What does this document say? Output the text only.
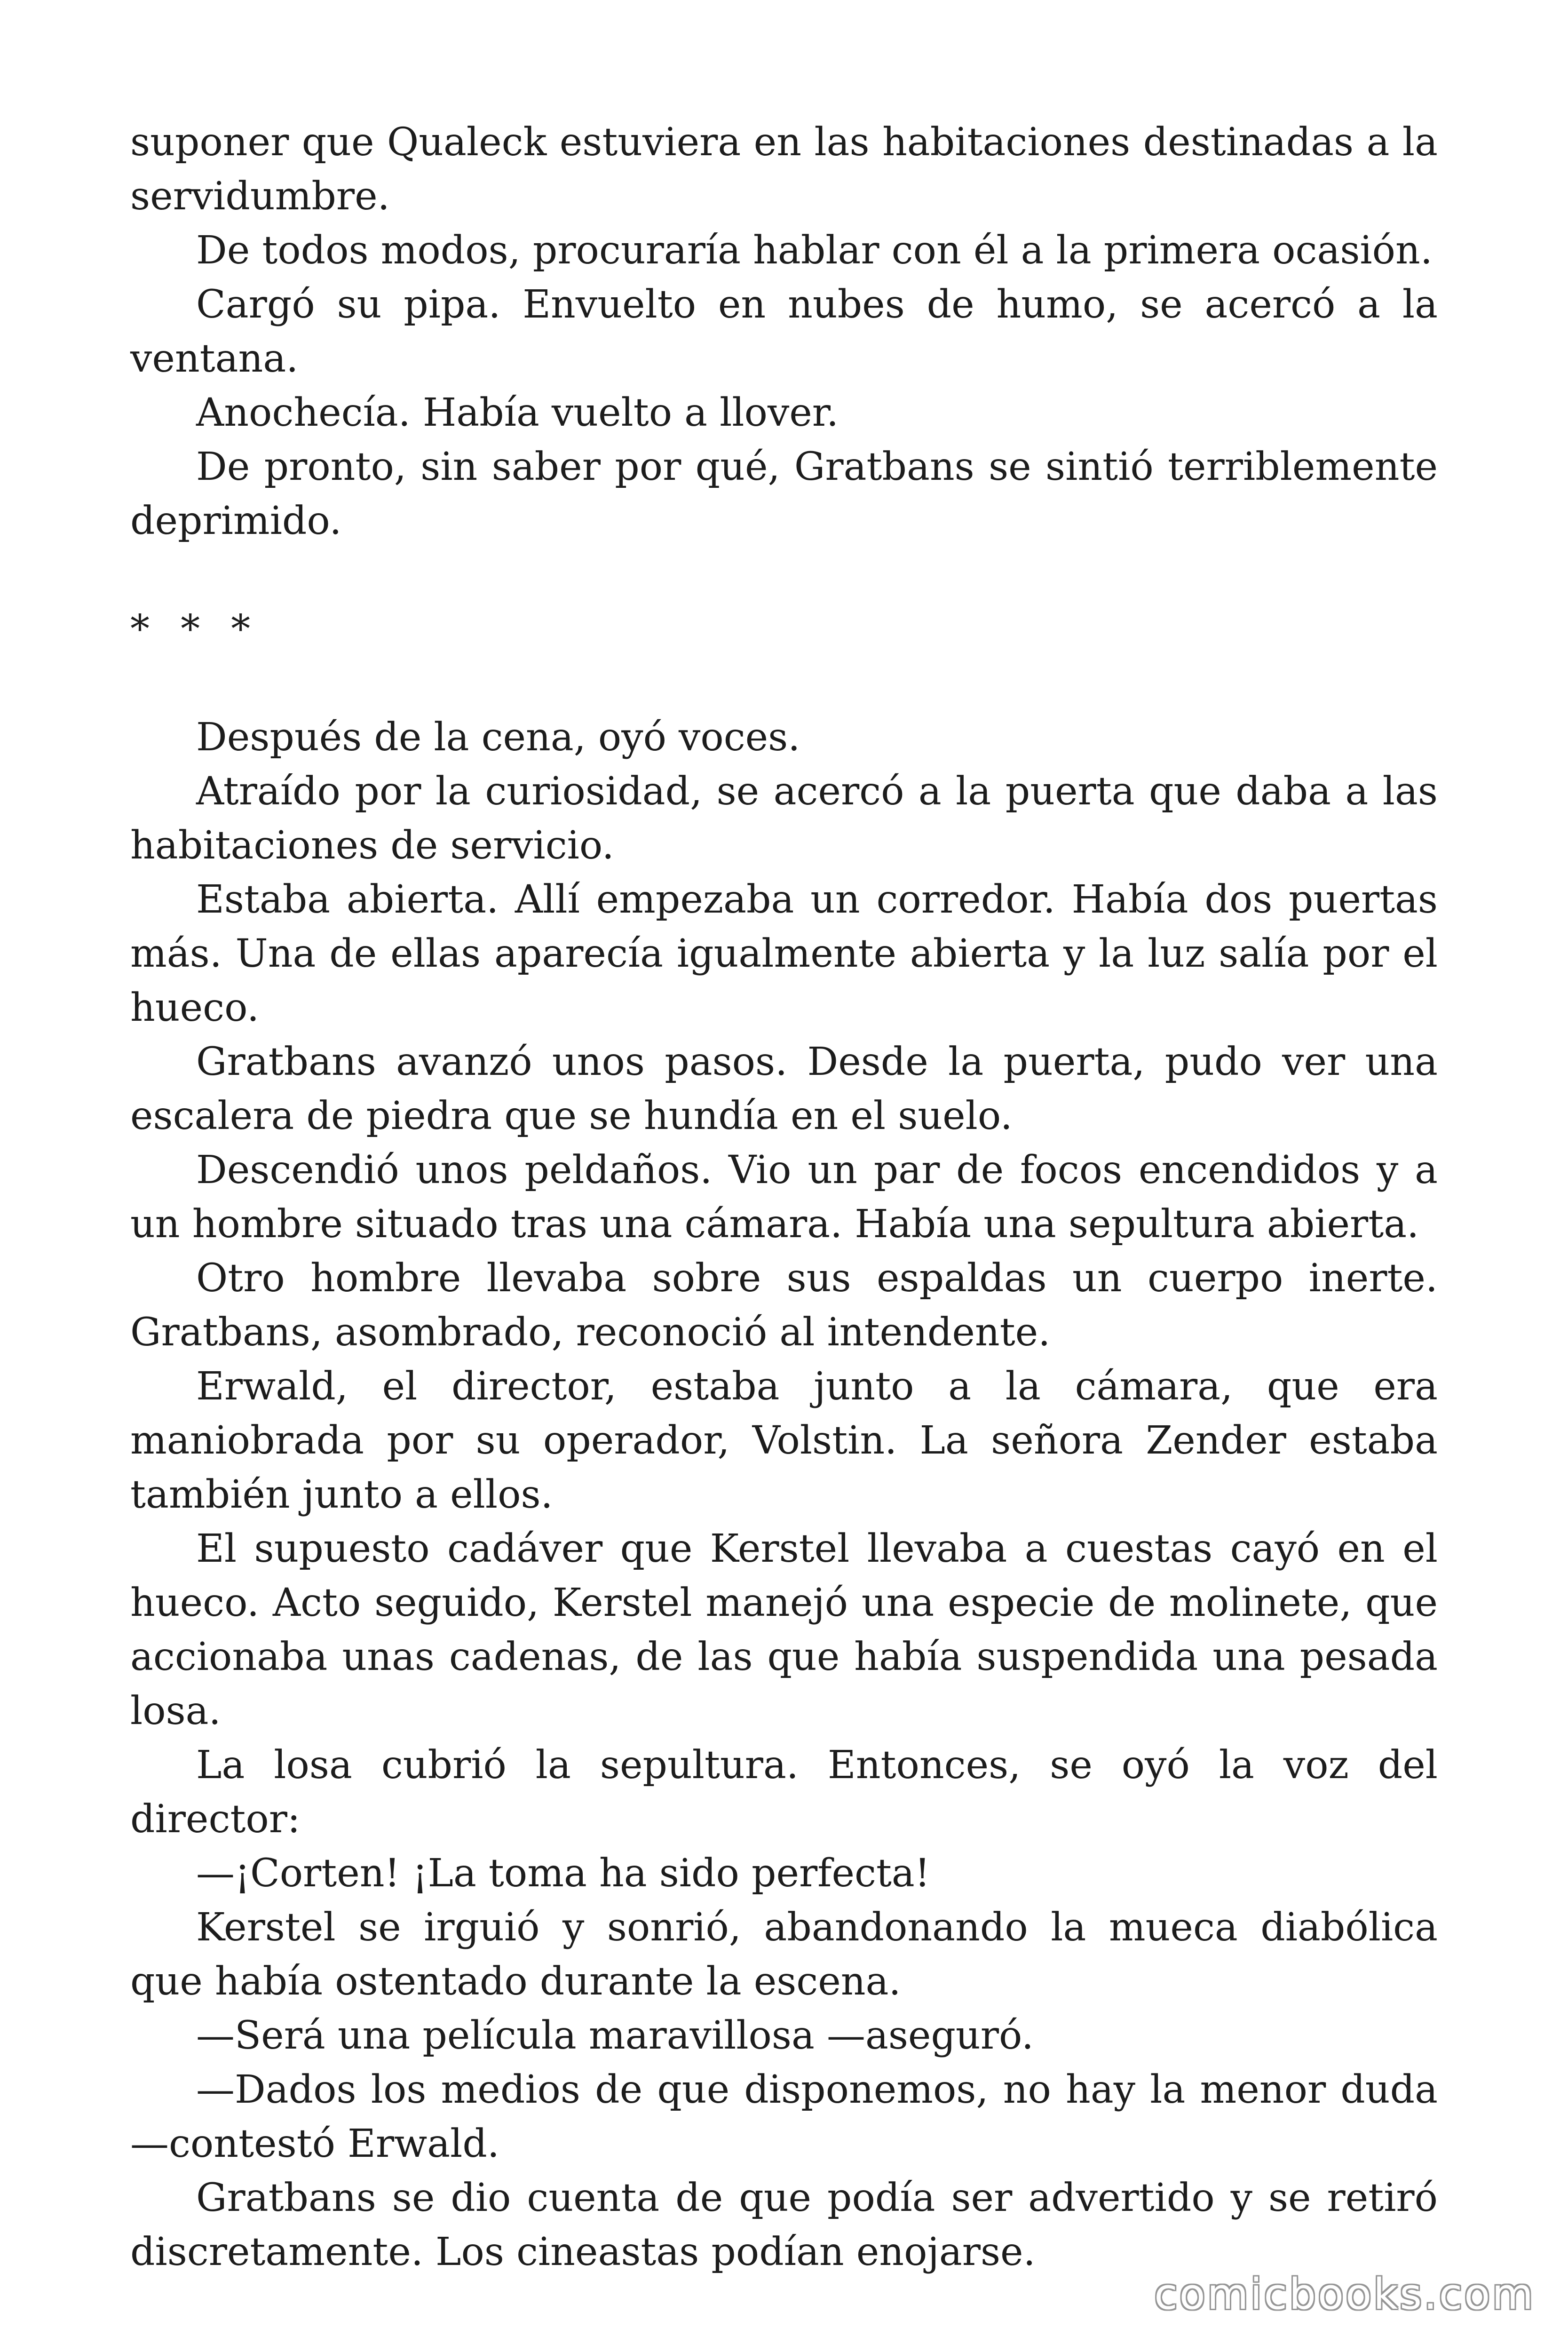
suponer que Qualeck estuviera en las habitaciones destinadas a la servidumbre.

De todos modos, procuraría hablar con él a la primera ocasión.

Cargó su pipa. Envuelto en nubes de humo, se acercó a la ventana.

Anochecía. Había vuelto a llover.

De pronto, sin saber por qué, Gratbans se sintió terriblemente deprimido.

* * *

Después de la cena, oyó voces.

Atraído por la curiosidad, se acercó a la puerta que daba a las habitaciones de servicio.

Estaba abierta. Allí empezaba un corredor. Había dos puertas más. Una de ellas aparecía igualmente abierta y la luz salía por el hueco.

Gratbans avanzó unos pasos. Desde la puerta, pudo ver una escalera de piedra que se hundía en el suelo.

Descendió unos peldaños. Vio un par de focos encendidos y a un hombre situado tras una cámara. Había una sepultura abierta.

Otro hombre llevaba sobre sus espaldas un cuerpo inerte. Gratbans, asombrado, reconoció al intendente.

Erwald, el director, estaba junto a la cámara, que era maniobrada por su operador, Volstin. La señora Zender estaba también junto a ellos.

El supuesto cadáver que Kerstel llevaba a cuestas cayó en el hueco. Acto seguido, Kerstel manejó una especie de molinete, que accionaba unas cadenas, de las que había suspendida una pesada losa.

La losa cubrió la sepultura. Entonces, se oyó la voz del director:

—¡Corten! ¡La toma ha sido perfecta!

Kerstel se irguió y sonrió, abandonando la mueca diabólica que había ostentado durante la escena.

—Será una película maravillosa —aseguró.

—Dados los medios de que disponemos, no hay la menor duda —contestó Erwald.

Gratbans se dio cuenta de que podía ser advertido y se retiró discretamente. Los cineastas podían enojarse.

comicbooks.com
